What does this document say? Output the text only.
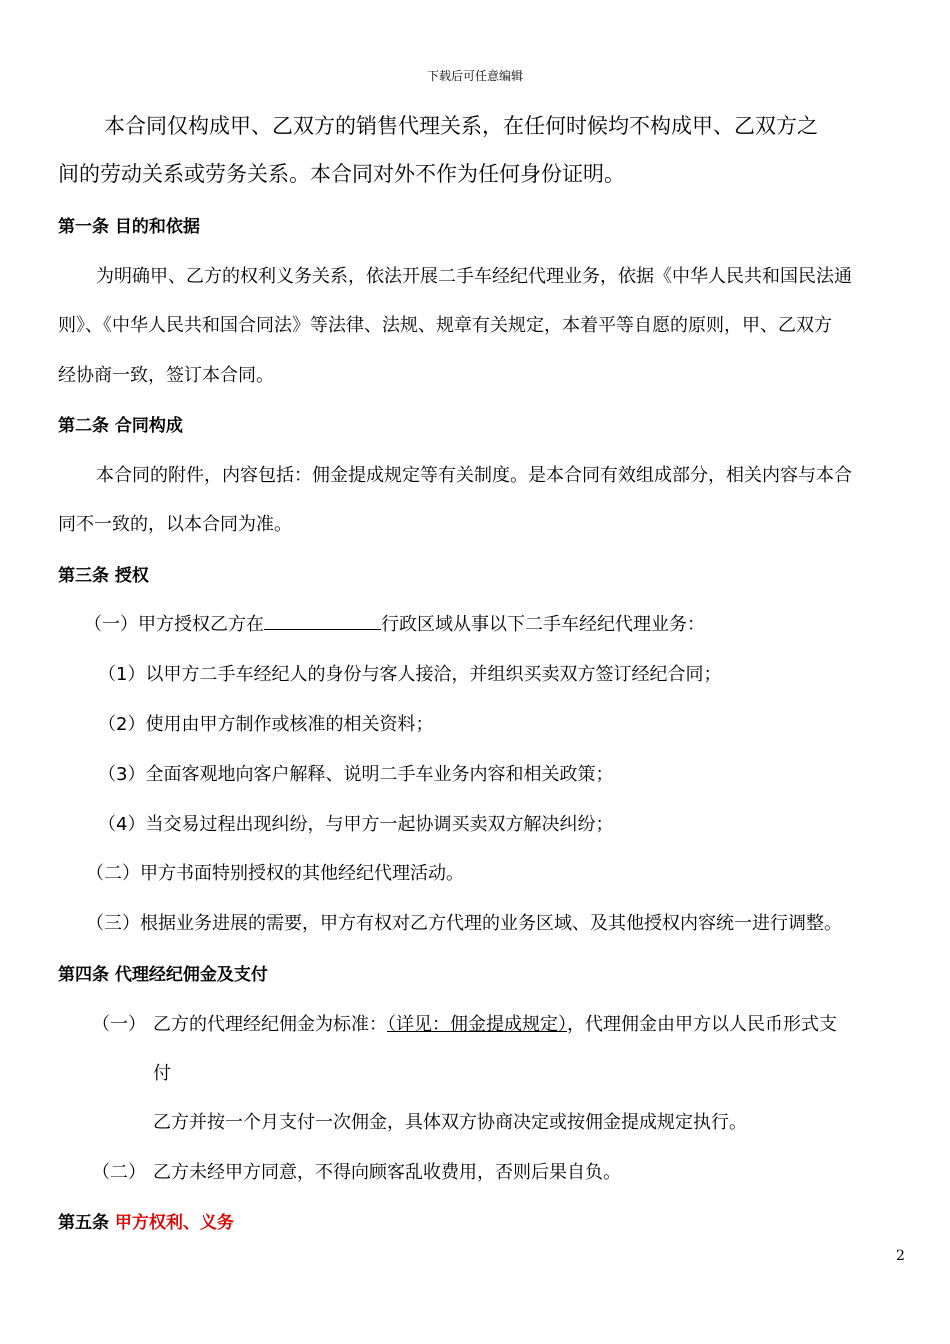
下载后可任意编辑
本合同仅构成甲、乙双方的销售代理关系，在任何时候均不构成甲、乙双方之
间的劳动关系或劳务关系。本合同对外不作为任何身份证明。
第一条 目的和依据
为明确甲、乙方的权利义务关系，依法开展二手车经纪代理业务，依据《中华人民共和国民法通
则》、《中华人民共和国合同法》等法律、法规、规章有关规定，本着平等自愿的原则，甲、乙双方
经协商一致，签订本合同。
第二条 合同构成
本合同的附件，内容包括：佣金提成规定等有关制度。是本合同有效组成部分，相关内容与本合
同不一致的，以本合同为准。
第三条 授权
（一）甲方授权乙方在	行政区域从事以下二手车经纪代理业务：
（1）以甲方二手车经纪人的身份与客人接洽，并组织买卖双方签订经纪合同；
（2）使用由甲方制作或核准的相关资料；
（3）全面客观地向客户解释、说明二手车业务内容和相关政策；
（4）当交易过程出现纠纷，与甲方一起协调买卖双方解决纠纷；
（二）甲方书面特别授权的其他经纪代理活动。
（三）根据业务进展的需要，甲方有权对乙方代理的业务区域、及其他授权内容统一进行调整。
第四条 代理经纪佣金及支付
（一） 乙方的代理经纪佣金为标准：（详见：佣金提成规定），代理佣金由甲方以人民币形式支
付
乙方并按一个月支付一次佣金，具体双方协商决定或按佣金提成规定执行。
（二） 乙方未经甲方同意，不得向顾客乱收费用，否则后果自负。
第五条 甲方权利、义务
2
